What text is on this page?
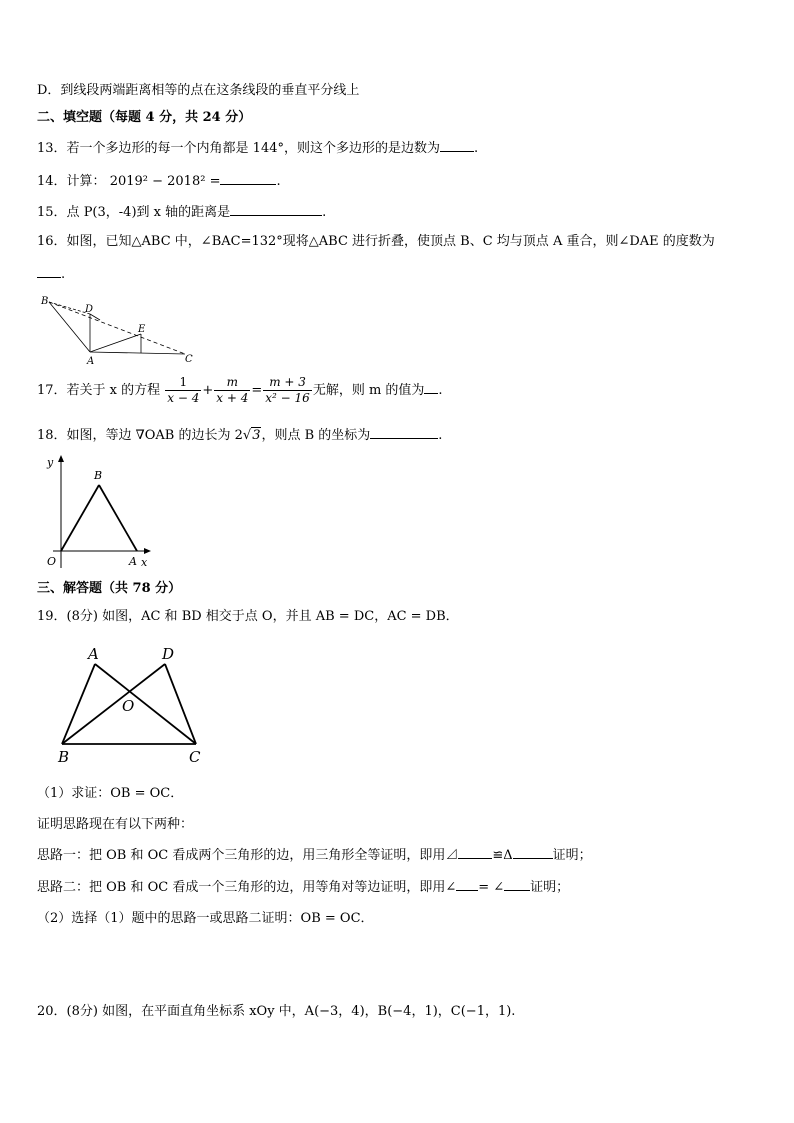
D．到线段两端距离相等的点在这条线段的垂直平分线上
二、填空题（每题 4 分，共 24 分）
13．若一个多边形的每一个内角都是 144°，则这个多边形的是边数为	.
14．计算： 2019² − 2018² =	.
15．点 P(3，-4)到 x 轴的距离是	.
16．如图，已知△ABC 中，∠BAC=132°现将△ABC 进行折叠，使顶点 B、C 均与顶点 A 重合，则∠DAE 的度数为
.
B
D
E
A	C
17．若关于 x 的方程 $\frac{1}{x - 4} + \frac{m}{x + 4} = \frac{m + 3}{\text{x² − 16}}$ 无解，则 m 的值为 .
18．如图，等边 ∇OAB 的边长为 2√3，则点 B 的坐标为	.
y
B
O	A x
三、解答题（共 78 分）
19．(8分) 如图，AC 和 BD 相交于点 O，并且 AB = DC，AC = DB．
A	D
O
B	C
（1）求证：OB = OC．
证明思路现在有以下两种：
思路一：把 OB 和 OC 看成两个三角形的边，用三角形全等证明，即用⊿	≌Δ	证明；
思路二：把 OB 和 OC 看成一个三角形的边，用等角对等边证明，即用∠ = ∠ 证明；
（2）选择（1）题中的思路一或思路二证明：OB = OC．
20．(8分) 如图，在平面直角坐标系 xOy 中，A(−3，4)，B(−4，1)，C(−1，1).
